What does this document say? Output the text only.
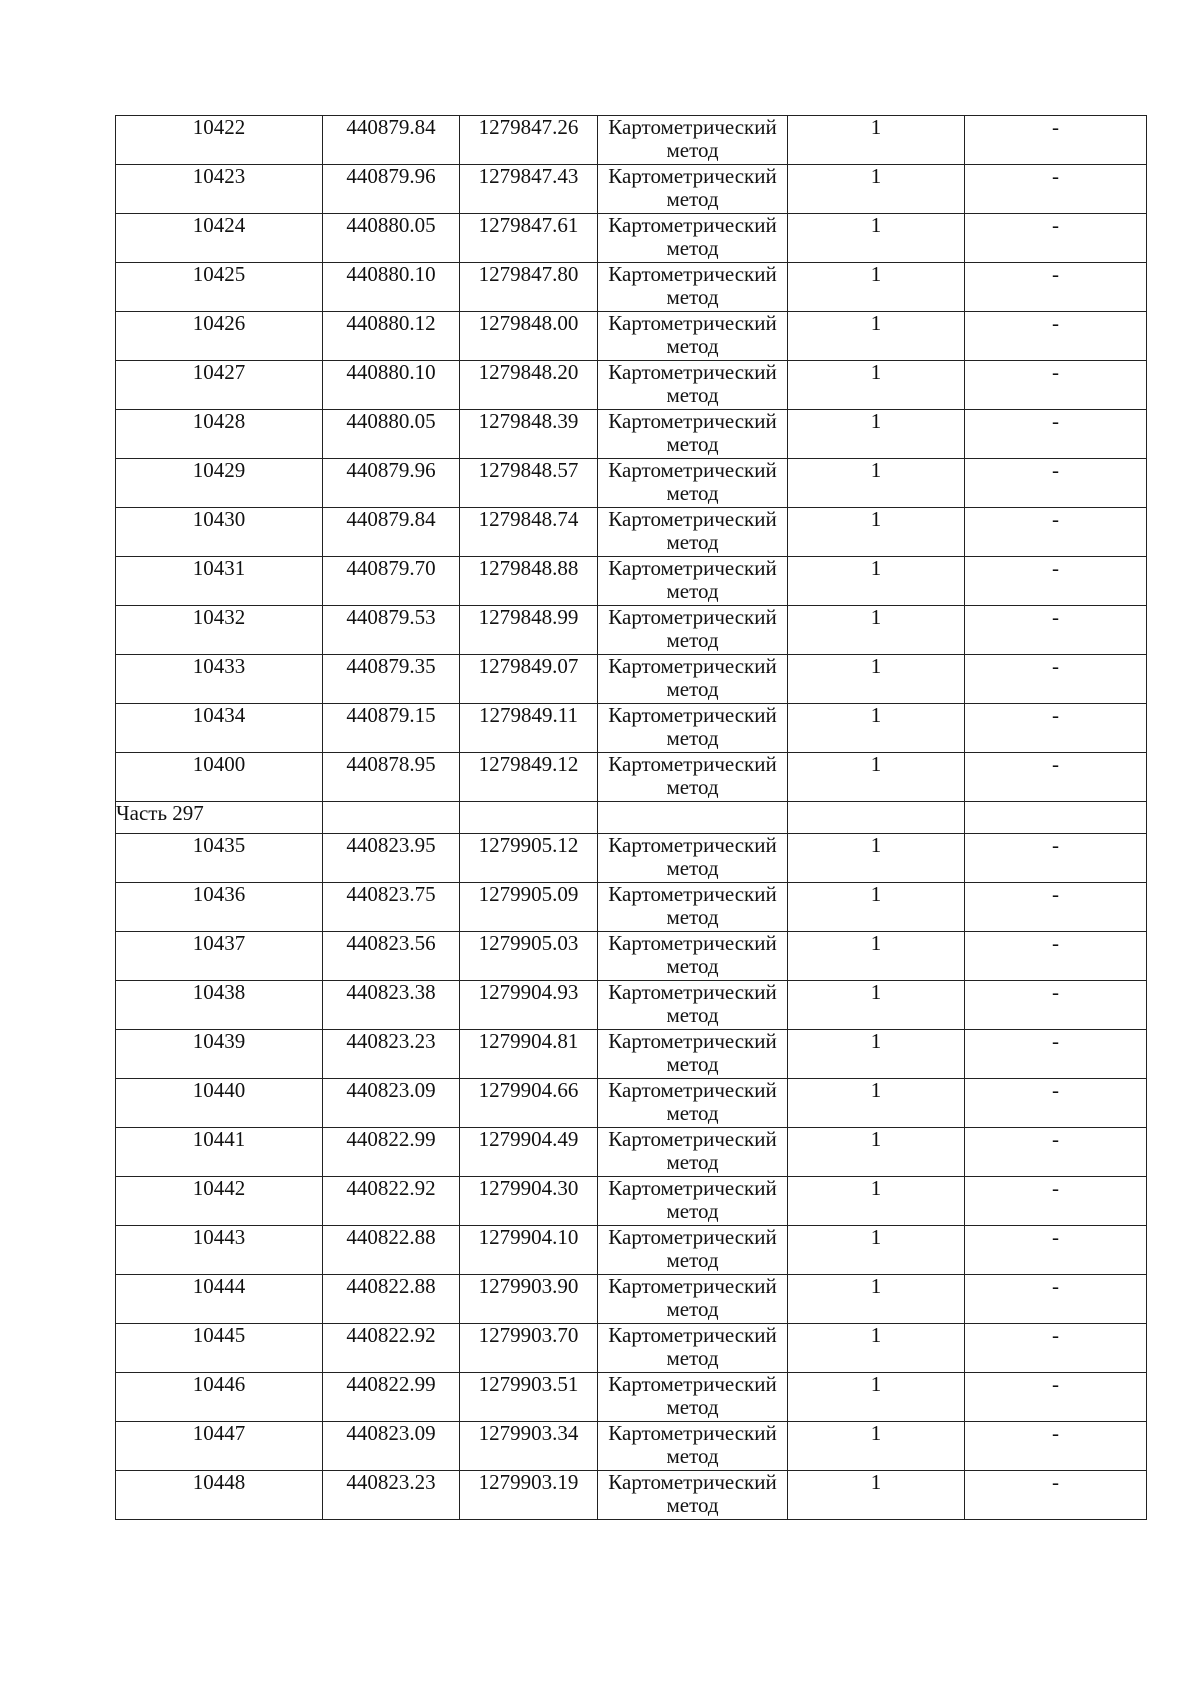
10422	440879.84	1279847.26	Картометрический метод	1	-
10423	440879.96	1279847.43	Картометрический метод	1	-
10424	440880.05	1279847.61	Картометрический метод	1	-
10425	440880.10	1279847.80	Картометрический метод	1	-
10426	440880.12	1279848.00	Картометрический метод	1	-
10427	440880.10	1279848.20	Картометрический метод	1	-
10428	440880.05	1279848.39	Картометрический метод	1	-
10429	440879.96	1279848.57	Картометрический метод	1	-
10430	440879.84	1279848.74	Картометрический метод	1	-
10431	440879.70	1279848.88	Картометрический метод	1	-
10432	440879.53	1279848.99	Картометрический метод	1	-
10433	440879.35	1279849.07	Картометрический метод	1	-
10434	440879.15	1279849.11	Картометрический метод	1	-
10400	440878.95	1279849.12	Картометрический метод	1	-
Часть 297					
10435	440823.95	1279905.12	Картометрический метод	1	-
10436	440823.75	1279905.09	Картометрический метод	1	-
10437	440823.56	1279905.03	Картометрический метод	1	-
10438	440823.38	1279904.93	Картометрический метод	1	-
10439	440823.23	1279904.81	Картометрический метод	1	-
10440	440823.09	1279904.66	Картометрический метод	1	-
10441	440822.99	1279904.49	Картометрический метод	1	-
10442	440822.92	1279904.30	Картометрический метод	1	-
10443	440822.88	1279904.10	Картометрический метод	1	-
10444	440822.88	1279903.90	Картометрический метод	1	-
10445	440822.92	1279903.70	Картометрический метод	1	-
10446	440822.99	1279903.51	Картометрический метод	1	-
10447	440823.09	1279903.34	Картометрический метод	1	-
10448	440823.23	1279903.19	Картометрический метод	1	-
